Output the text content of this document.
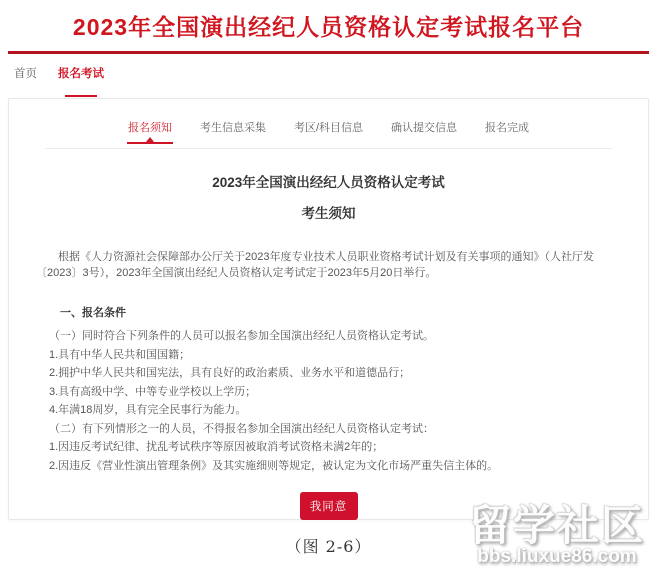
2023年全国演出经纪人员资格认定考试报名平台
首页 报名考试
报名须知	考生信息采集	考区/科目信息	确认提交信息	报名完成
2023年全国演出经纪人员资格认定考试
考生须知

根据《人力资源社会保障部办公厅关于2023年度专业技术人员职业资格考试计划及有关事项的通知》（人社厅发〔2023〕3号），2023年全国演出经纪人员资格认定考试定于2023年5月20日举行。

一、报名条件

（一）同时符合下列条件的人员可以报名参加全国演出经纪人员资格认定考试。

1.具有中华人民共和国国籍；

2.拥护中华人民共和国宪法，具有良好的政治素质、业务水平和道德品行；

3.具有高级中学、中等专业学校以上学历；

4.年满18周岁，具有完全民事行为能力。

（二）有下列情形之一的人员，不得报名参加全国演出经纪人员资格认定考试：

1.因违反考试纪律、扰乱考试秩序等原因被取消考试资格未满2年的；

2.因违反《营业性演出管理条例》及其实施细则等规定，被认定为文化市场严重失信主体的。

我同意
（图 2-6）	留学社区
bbs.liuxue86.com
